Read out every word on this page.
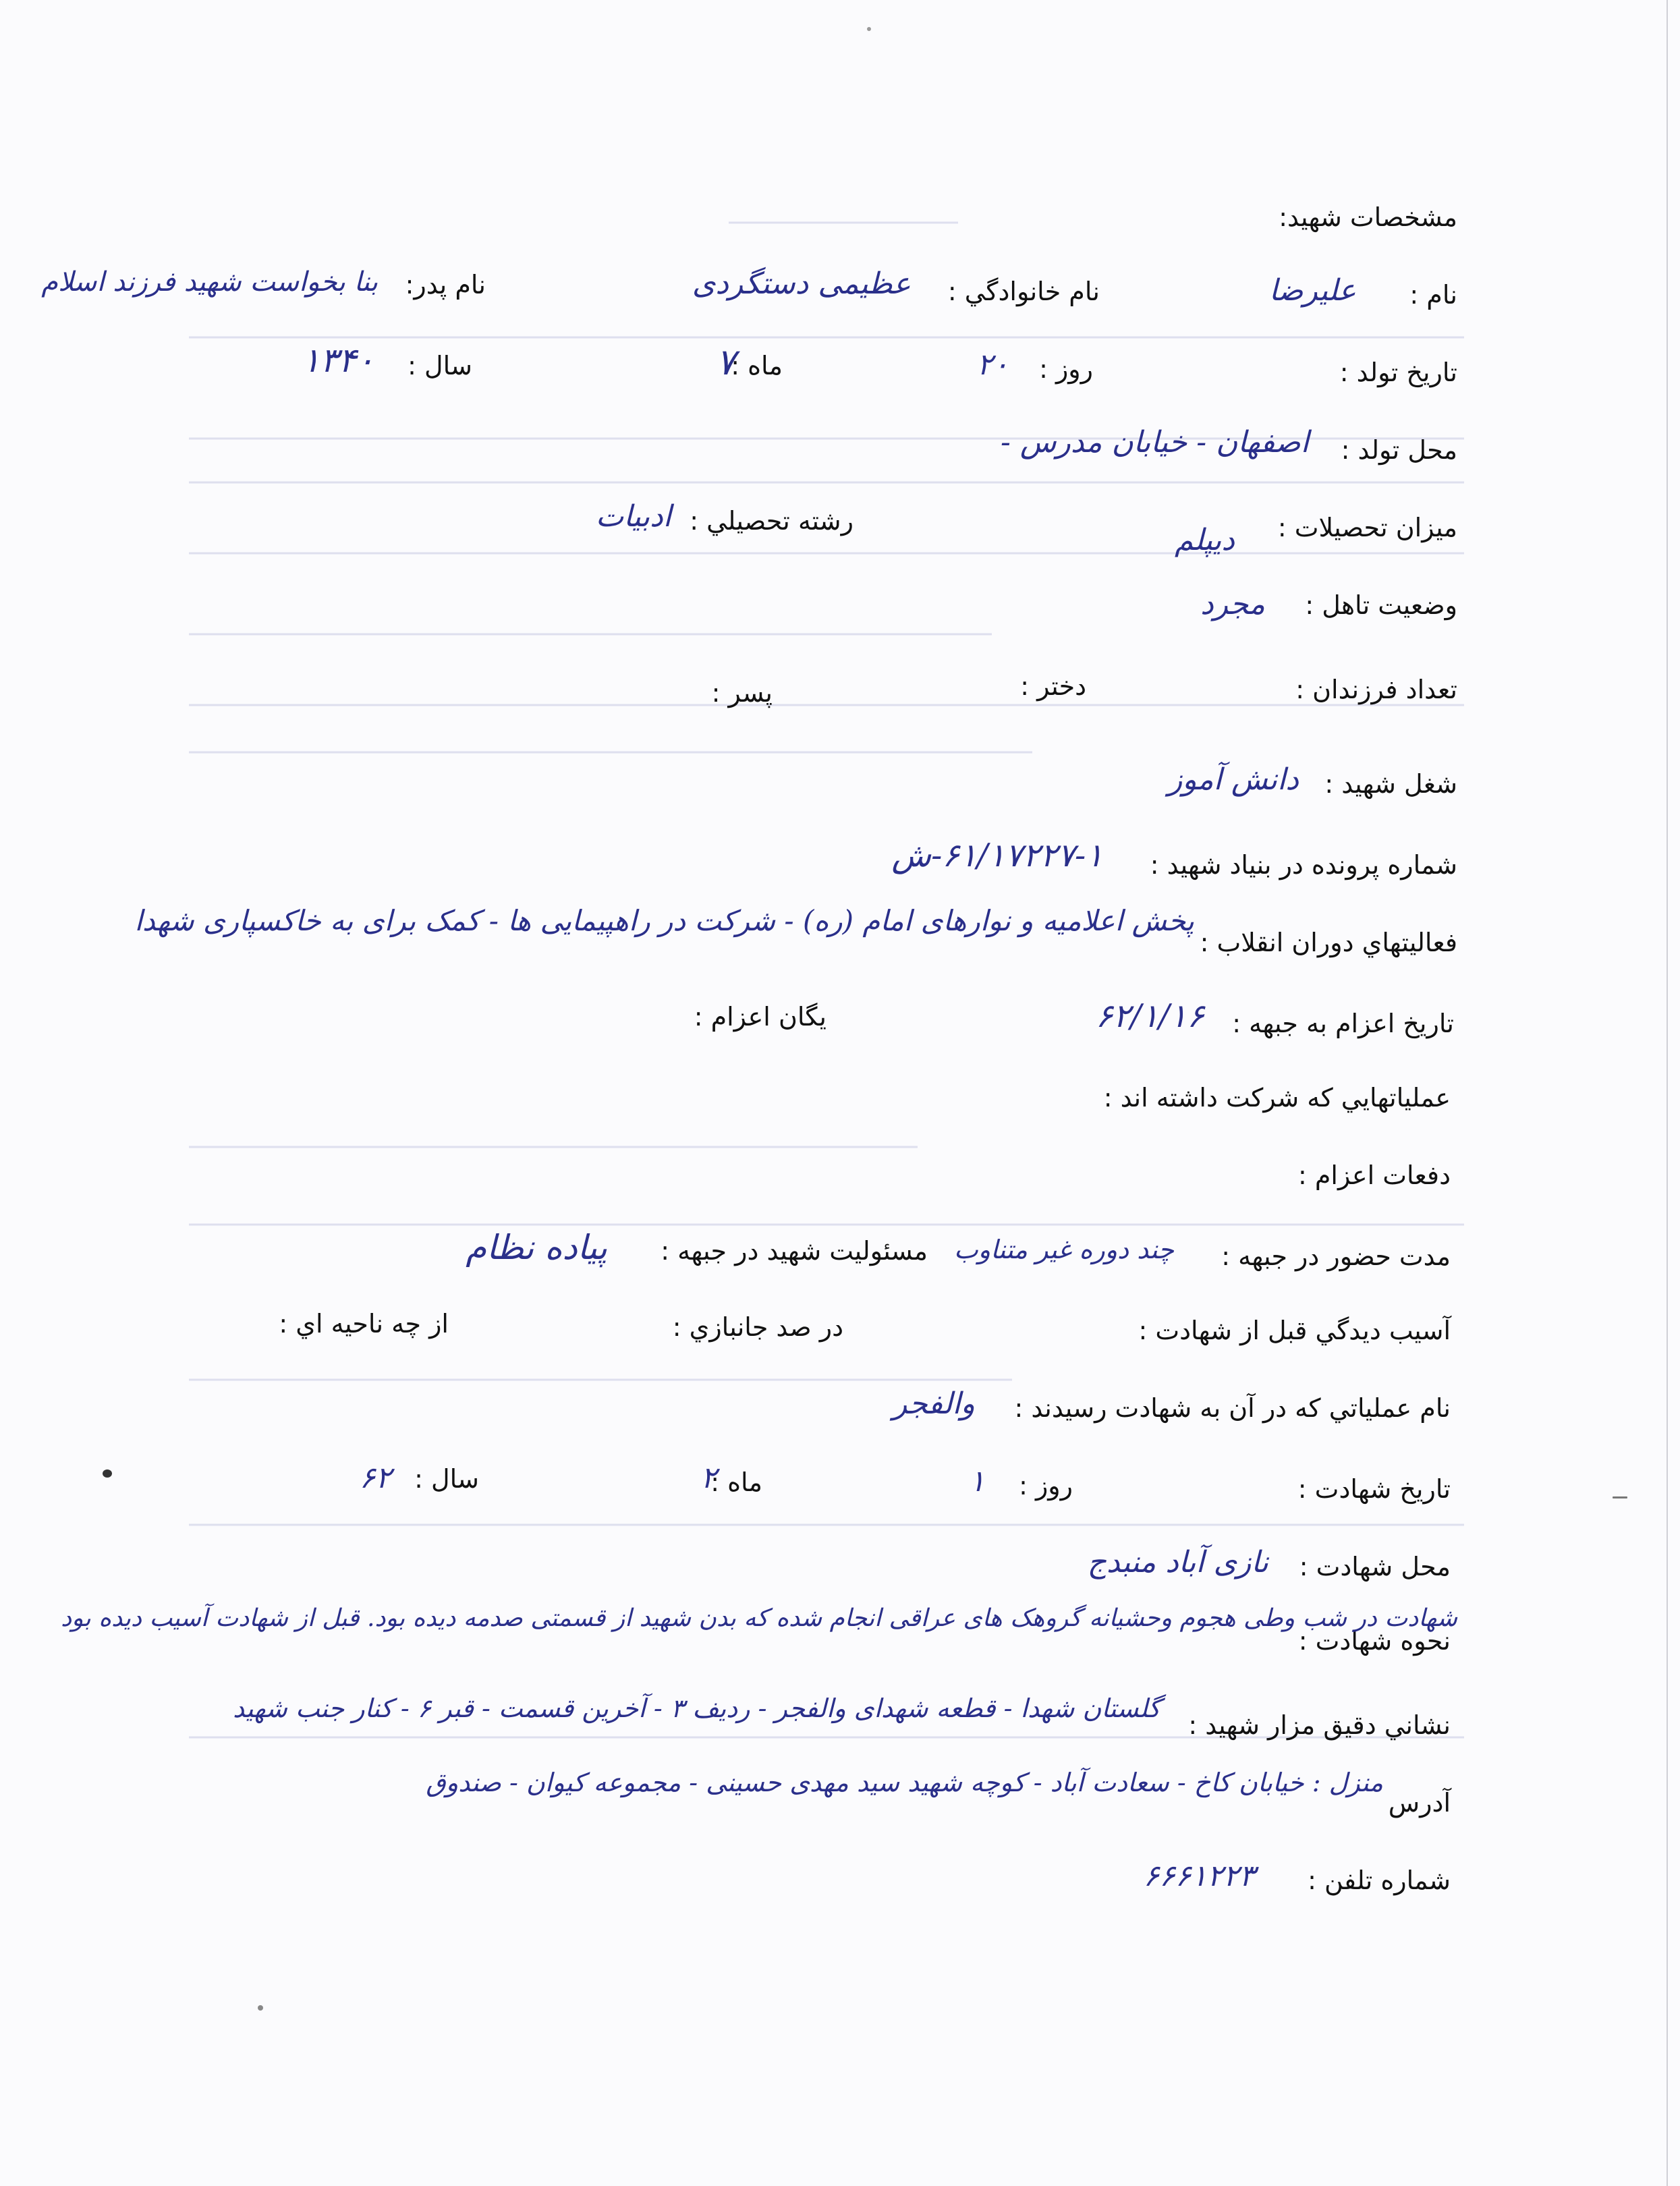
مشخصات شهید:
نام :
علیرضا
نام خانوادگي :
عظیمی دستگردی
نام پدر:
بنا بخواست شهید فرزند اسلام
تاريخ تولد :
روز :
۲۰
ماه :
۷
سال :
۱۳۴۰
محل تولد :
اصفهان - خیابان مدرس -
ميزان تحصيلات :
دیپلم
رشته تحصيلي :
ادبیات
وضعيت تاهل :
مجرد
تعداد فرزندان :
دختر :
پسر :
شغل شهيد :
دانش آموز
شماره پرونده در بنياد شهيد :
۶۱/۱۷۲۲۷-۱-ش
فعاليتهاي دوران انقلاب :
پخش اعلامیه و نوارهای امام (ره) - شرکت در راهپیمایی ها - کمک برای به خاکسپاری شهدا
تاريخ اعزام به جبهه :
۶۲/۱/۱۶
يگان اعزام :
عملياتهايي كه شركت داشته اند :
دفعات اعزام :
مدت حضور در جبهه :
چند دوره غیر متناوب
مسئوليت شهيد در جبهه :
پیاده نظام
آسيب ديدگي قبل از شهادت :
در صد جانبازي :
از چه ناحيه اي :
نام عملياتي كه در آن به شهادت رسيدند :
والفجر
تاريخ شهادت :
روز :
۱
ماه :
۲
سال :
۶۲
محل شهادت :
نازی آباد منبدج
نحوه شهادت :
شهادت در شب وطی هجوم وحشیانه گروهک های عراقی انجام شده که بدن شهید از قسمتی صدمه دیده بود. قبل از شهادت آسیب دیده بود
نشاني دقيق مزار شهيد :
گلستان شهدا - قطعه شهدای والفجر - ردیف ۳ - آخرین قسمت - قبر ۶ - کنار جنب شهید
آدرس
منزل : خیابان کاخ - سعادت آباد - کوچه شهید سید مهدی حسینی - مجموعه کیوان - صندوق
شماره تلفن :
۶۶۶۱۲۲۳
